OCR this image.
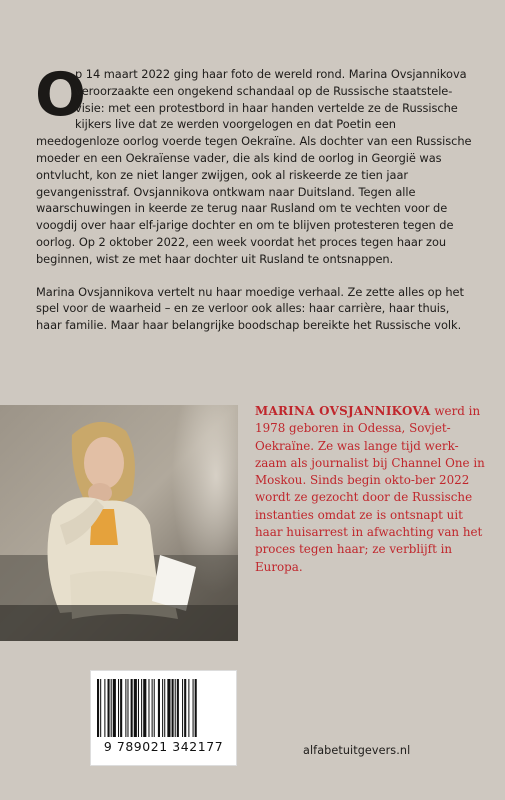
O
p 14 maart 2022 ging haar foto de wereld rond. Marina Ovsjannikova veroorzaakte een ongekend schandaal op de Russische staatstele-visie: met een protestbord in haar handen vertelde ze de Russische kijkers live dat ze werden voorgelogen en dat Poetin een meedogenloze oorlog voerde tegen Oekraïne. Als dochter van een Russische moeder en een Oekraïense vader, die als kind de oorlog in Georgië was ontvlucht, kon ze niet langer zwijgen, ook al riskeerde ze tien jaar gevangenisstraf. Ovsjannikova ontkwam naar Duitsland. Tegen alle waarschuwingen in keerde ze terug naar Rusland om te vechten voor de voogdij over haar elf-jarige dochter en om te blijven protesteren tegen de oorlog. Op 2 oktober 2022, een week voordat het proces tegen haar zou beginnen, wist ze met haar dochter uit Rusland te ontsnappen.

Marina Ovsjannikova vertelt nu haar moedige verhaal. Ze zette alles op het spel voor de waarheid – en ze verloor ook alles: haar carrière, haar thuis, haar familie. Maar haar belangrijke boodschap bereikte het Russische volk.

MARINA OVSJANNIKOVA werd in 1978 geboren in Odessa, Sovjet-Oekraïne. Ze was lange tijd werk-zaam als journalist bij Channel One in Moskou. Sinds begin okto-ber 2022 wordt ze gezocht door de Russische instanties omdat ze is ontsnapt uit haar huisarrest in afwachting van het proces tegen haar; ze verblijft in Europa.
9 789021 342177	alfabetuitgevers.nl
